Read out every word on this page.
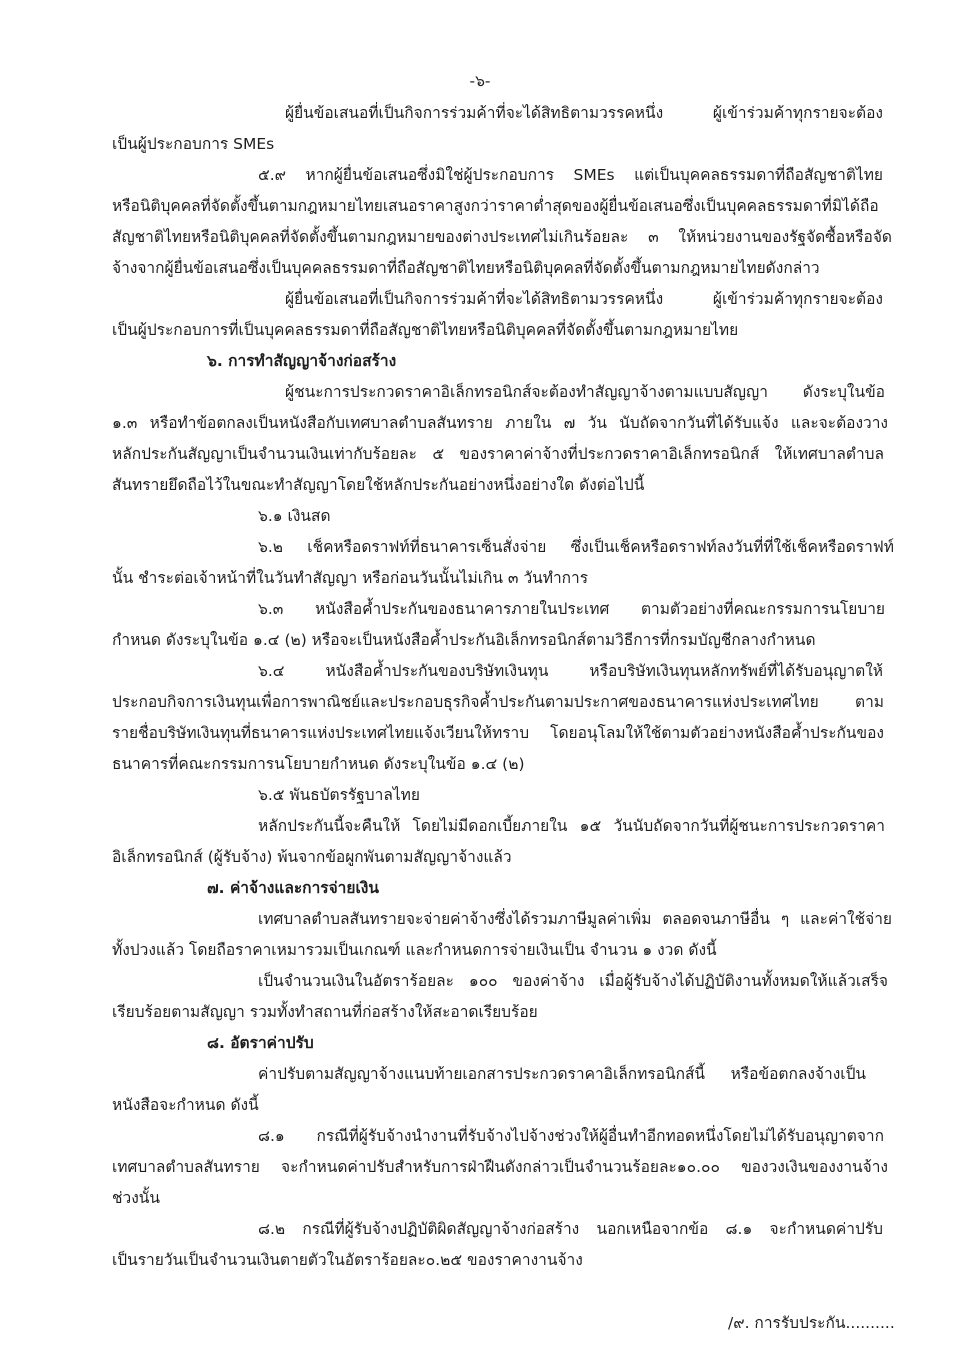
-๖-
ผู้ยื่นข้อเสนอที่เป็นกิจการร่วมค้าที่จะได้สิทธิตามวรรคหนึ่ง ผู้เข้าร่วมค้าทุกรายจะต้อง
เป็นผู้ประกอบการ SMEs
๕.๙ หากผู้ยื่นข้อเสนอซึ่งมิใช่ผู้ประกอบการ SMEs แต่เป็นบุคคลธรรมดาที่ถือสัญชาติไทย
หรือนิติบุคคลที่จัดตั้งขึ้นตามกฎหมายไทยเสนอราคาสูงกว่าราคาต่ำสุดของผู้ยื่นข้อเสนอซึ่งเป็นบุคคลธรรมดาที่มิได้ถือ
สัญชาติไทยหรือนิติบุคคลที่จัดตั้งขึ้นตามกฎหมายของต่างประเทศไม่เกินร้อยละ ๓ ให้หน่วยงานของรัฐจัดซื้อหรือจัด
จ้างจากผู้ยื่นข้อเสนอซึ่งเป็นบุคคลธรรมดาที่ถือสัญชาติไทยหรือนิติบุคคลที่จัดตั้งขึ้นตามกฎหมายไทยดังกล่าว
ผู้ยื่นข้อเสนอที่เป็นกิจการร่วมค้าที่จะได้สิทธิตามวรรคหนึ่ง ผู้เข้าร่วมค้าทุกรายจะต้อง
เป็นผู้ประกอบการที่เป็นบุคคลธรรมดาที่ถือสัญชาติไทยหรือนิติบุคคลที่จัดตั้งขึ้นตามกฎหมายไทย
๖. การทำสัญญาจ้างก่อสร้าง
ผู้ชนะการประกวดราคาอิเล็กทรอนิกส์จะต้องทำสัญญาจ้างตามแบบสัญญา ดังระบุในข้อ
๑.๓ หรือทำข้อตกลงเป็นหนังสือกับเทศบาลตำบลสันทราย ภายใน ๗ วัน นับถัดจากวันที่ได้รับแจ้ง และจะต้องวาง
หลักประกันสัญญาเป็นจำนวนเงินเท่ากับร้อยละ ๕ ของราคาค่าจ้างที่ประกวดราคาอิเล็กทรอนิกส์ ให้เทศบาลตำบล
สันทรายยึดถือไว้ในขณะทำสัญญาโดยใช้หลักประกันอย่างหนึ่งอย่างใด ดังต่อไปนี้
๖.๑ เงินสด
๖.๒ เช็คหรือดราฟท์ที่ธนาคารเซ็นสั่งจ่าย ซึ่งเป็นเช็คหรือดราฟท์ลงวันที่ที่ใช้เช็คหรือดราฟท์
นั้น ชำระต่อเจ้าหน้าที่ในวันทำสัญญา หรือก่อนวันนั้นไม่เกิน ๓ วันทำการ
๖.๓ หนังสือค้ำประกันของธนาคารภายในประเทศ ตามตัวอย่างที่คณะกรรมการนโยบาย
กำหนด ดังระบุในข้อ ๑.๔ (๒) หรือจะเป็นหนังสือค้ำประกันอิเล็กทรอนิกส์ตามวิธีการที่กรมบัญชีกลางกำหนด
๖.๔ หนังสือค้ำประกันของบริษัทเงินทุน หรือบริษัทเงินทุนหลักทรัพย์ที่ได้รับอนุญาตให้
ประกอบกิจการเงินทุนเพื่อการพาณิชย์และประกอบธุรกิจค้ำประกันตามประกาศของธนาคารแห่งประเทศไทย ตาม
รายชื่อบริษัทเงินทุนที่ธนาคารแห่งประเทศไทยแจ้งเวียนให้ทราบ โดยอนุโลมให้ใช้ตามตัวอย่างหนังสือค้ำประกันของ
ธนาคารที่คณะกรรมการนโยบายกำหนด ดังระบุในข้อ ๑.๔ (๒)
๖.๕ พันธบัตรรัฐบาลไทย
หลักประกันนี้จะคืนให้ โดยไม่มีดอกเบี้ยภายใน ๑๕ วันนับถัดจากวันที่ผู้ชนะการประกวดราคา
อิเล็กทรอนิกส์ (ผู้รับจ้าง) พ้นจากข้อผูกพันตามสัญญาจ้างแล้ว
๗. ค่าจ้างและการจ่ายเงิน
เทศบาลตำบลสันทรายจะจ่ายค่าจ้างซึ่งได้รวมภาษีมูลค่าเพิ่ม ตลอดจนภาษีอื่น ๆ และค่าใช้จ่าย
ทั้งปวงแล้ว โดยถือราคาเหมารวมเป็นเกณฑ์ และกำหนดการจ่ายเงินเป็น จำนวน ๑ งวด ดังนี้
เป็นจำนวนเงินในอัตราร้อยละ ๑๐๐ ของค่าจ้าง เมื่อผู้รับจ้างได้ปฏิบัติงานทั้งหมดให้แล้วเสร็จ
เรียบร้อยตามสัญญา รวมทั้งทำสถานที่ก่อสร้างให้สะอาดเรียบร้อย
๘. อัตราค่าปรับ
ค่าปรับตามสัญญาจ้างแนบท้ายเอกสารประกวดราคาอิเล็กทรอนิกส์นี้ หรือข้อตกลงจ้างเป็น
หนังสือจะกำหนด ดังนี้
๘.๑ กรณีที่ผู้รับจ้างนำงานที่รับจ้างไปจ้างช่วงให้ผู้อื่นทำอีกทอดหนึ่งโดยไม่ได้รับอนุญาตจาก
เทศบาลตำบลสันทราย จะกำหนดค่าปรับสำหรับการฝ่าฝืนดังกล่าวเป็นจำนวนร้อยละ๑๐.๐๐ ของวงเงินของงานจ้าง
ช่วงนั้น
๘.๒ กรณีที่ผู้รับจ้างปฏิบัติผิดสัญญาจ้างก่อสร้าง นอกเหนือจากข้อ ๘.๑ จะกำหนดค่าปรับ
เป็นรายวันเป็นจำนวนเงินตายตัวในอัตราร้อยละ๐.๒๕ ของราคางานจ้าง
/๙. การรับประกัน..........
